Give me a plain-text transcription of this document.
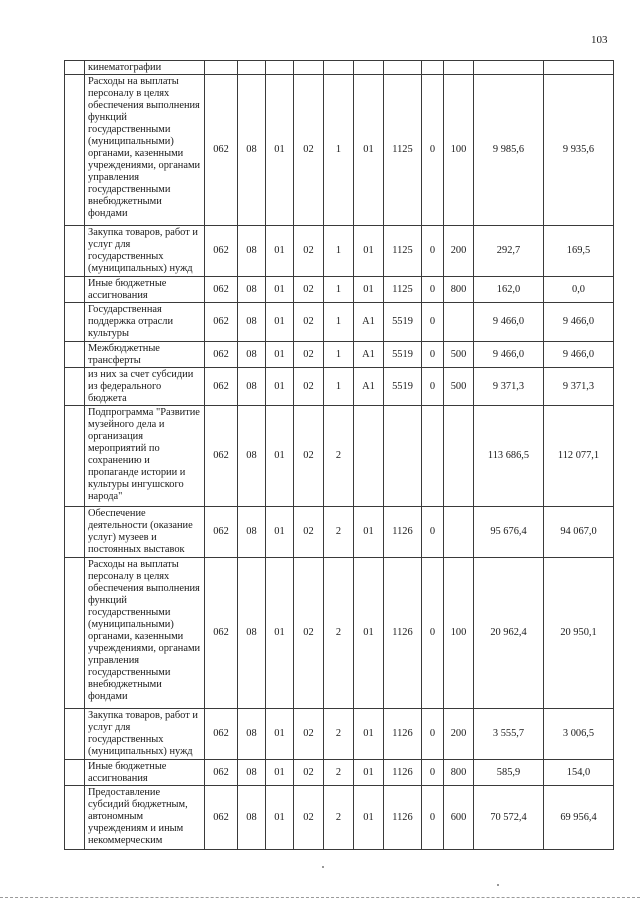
103
	кинематографии											
	Расходы на выплаты персоналу в целях обеспечения выполнения функций государственными (муниципальными) органами, казенными учреждениями, органами управления государственными внебюджетными фондами	062	08	01	02	1	01	1125	0	100	9 985,6	9 935,6
	Закупка товаров, работ и услуг для государственных (муниципальных) нужд	062	08	01	02	1	01	1125	0	200	292,7	169,5
	Иные бюджетные ассигнования	062	08	01	02	1	01	1125	0	800	162,0	0,0
	Государственная поддержка отрасли культуры	062	08	01	02	1	A1	5519	0		9 466,0	9 466,0
	Межбюджетные трансферты	062	08	01	02	1	A1	5519	0	500	9 466,0	9 466,0
	из них за счет субсидии из федерального бюджета	062	08	01	02	1	A1	5519	0	500	9 371,3	9 371,3
	Подпрограмма "Развитие музейного дела и организация мероприятий по сохранению и пропаганде истории и культуры ингушского народа"	062	08	01	02	2					113 686,5	112 077,1
	Обеспечение деятельности (оказание услуг) музеев и постоянных выставок	062	08	01	02	2	01	1126	0		95 676,4	94 067,0
	Расходы на выплаты персоналу в целях обеспечения выполнения функций государственными (муниципальными) органами, казенными учреждениями, органами управления государственными внебюджетными фондами	062	08	01	02	2	01	1126	0	100	20 962,4	20 950,1
	Закупка товаров, работ и услуг для государственных (муниципальных) нужд	062	08	01	02	2	01	1126	0	200	3 555,7	3 006,5
	Иные бюджетные ассигнования	062	08	01	02	2	01	1126	0	800	585,9	154,0
	Предоставление субсидий бюджетным, автономным учреждениям и иным некоммерческим	062	08	01	02	2	01	1126	0	600	70 572,4	69 956,4
